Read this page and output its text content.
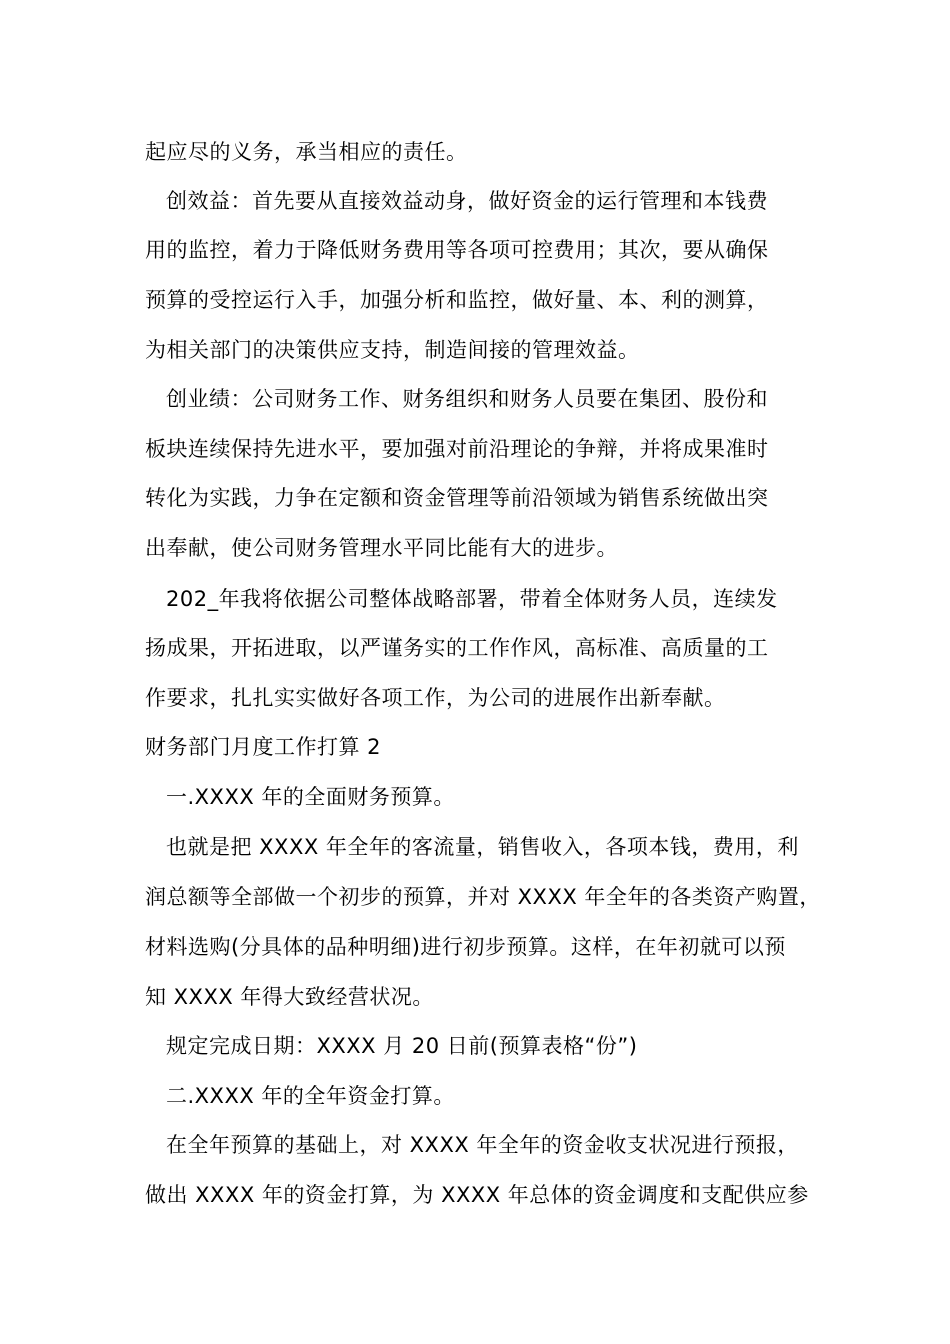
起应尽的义务，承当相应的责任。
创效益：首先要从直接效益动身，做好资金的运行管理和本钱费
用的监控，着力于降低财务费用等各项可控费用；其次，要从确保
预算的受控运行入手，加强分析和监控，做好量、本、利的测算，
为相关部门的决策供应支持，制造间接的管理效益。
创业绩：公司财务工作、财务组织和财务人员要在集团、股份和
板块连续保持先进水平，要加强对前沿理论的争辩，并将成果准时
转化为实践，力争在定额和资金管理等前沿领域为销售系统做出突
出奉献，使公司财务管理水平同比能有大的进步。
202_年我将依据公司整体战略部署，带着全体财务人员，连续发
扬成果，开拓进取，以严谨务实的工作作风，高标准、高质量的工
作要求，扎扎实实做好各项工作，为公司的进展作出新奉献。
财务部门月度工作打算 2
一.XXXX 年的全面财务预算。
也就是把 XXXX 年全年的客流量，销售收入，各项本钱，费用，利
润总额等全部做一个初步的预算，并对 XXXX 年全年的各类资产购置，
材料选购(分具体的品种明细)进行初步预算。这样，在年初就可以预
知 XXXX 年得大致经营状况。
规定完成日期：XXXX 月 20 日前(预算表格“份”)
二.XXXX 年的全年资金打算。
在全年预算的基础上，对 XXXX 年全年的资金收支状况进行预报，
做出 XXXX 年的资金打算，为 XXXX 年总体的资金调度和支配供应参
